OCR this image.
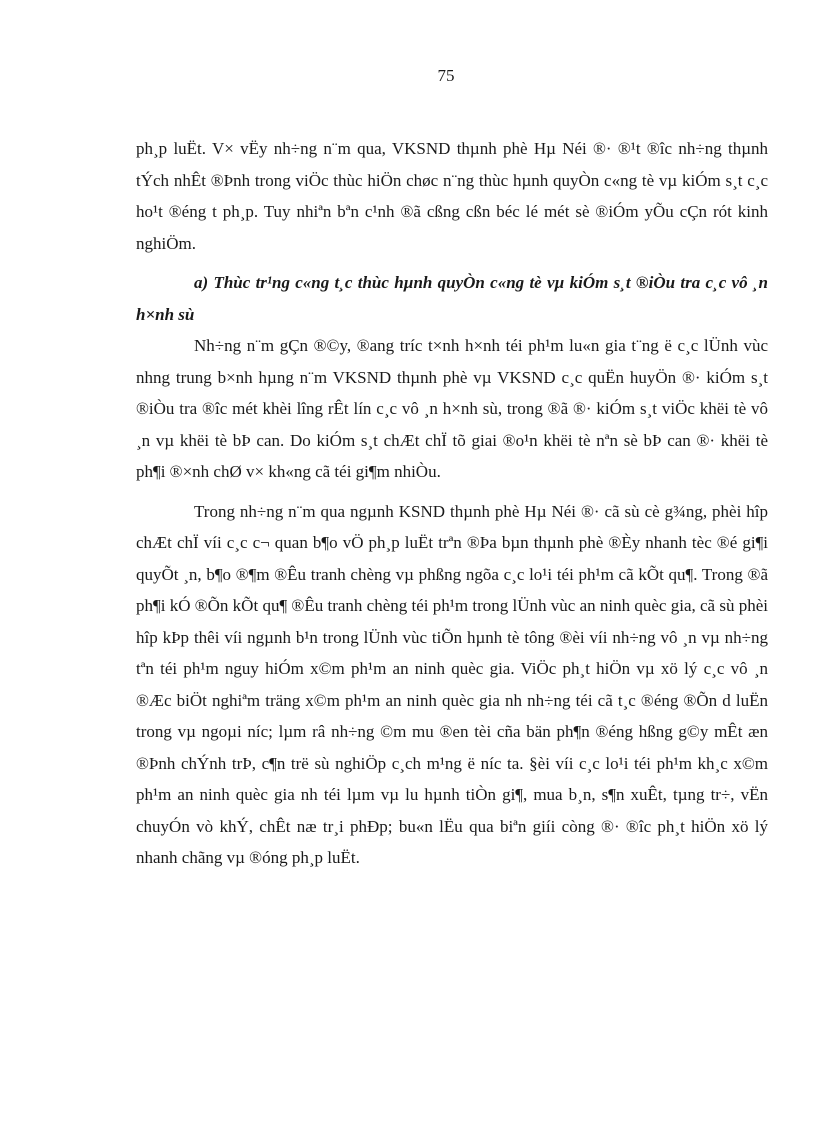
75

ph¸p luËt. V× vËy nh÷ng n¨m qua, VKSND thµnh phè Hµ Néi ®· ®¹t ®îc nh÷ng thµnh tÝch nhÊt ®Þnh trong viÖc thùc hiÖn chøc n¨ng thùc hµnh quyÒn c«ng tè vµ kiÓm s¸t c¸c ho¹t ®éng t ph¸p. Tuy nhiªn bªn c¹nh ®ã cßng cßn béc lé mét sè ®iÓm yÕu cÇn rót kinh nghiÖm.

a) Thùc tr¹ng c«ng t¸c thùc hµnh quyÒn c«ng tè vµ kiÓm s¸t ®iÒu tra c¸c vô ¸n h×nh sù

Nh÷ng n¨m gÇn ®©y, ®ang tríc t×nh h×nh téi ph¹m lu«n gia t¨ng ë c¸c lÜnh vùc nhng trung b×nh hµng n¨m VKSND thµnh phè vµ VKSND c¸c quËn huyÖn ®· kiÓm s¸t ®iÒu tra ®îc mét khèi lîng rÊt lín c¸c vô ¸n h×nh sù, trong ®ã ®· kiÓm s¸t viÖc khëi tè vô ¸n vµ khëi tè bÞ can. Do kiÓm s¸t chÆt chÏ tõ giai ®o¹n khëi tè nªn sè bÞ can ®· khëi tè ph¶i ®×nh chØ v× kh«ng cã téi gi¶m nhiÒu.

Trong nh÷ng n¨m qua ngµnh KSND thµnh phè Hµ Néi ®· cã sù cè g¾ng, phèi hîp chÆt chÏ víi c¸c c¬ quan b¶o vÖ ph¸p luËt trªn ®Þa bµn thµnh phè ®Èy nhanh tèc ®é gi¶i quyÕt ¸n, b¶o ®¶m ®Êu tranh chèng vµ phßng ngõa c¸c lo¹i téi ph¹m cã kÕt qu¶. Trong ®ã ph¶i kÓ ®Õn kÕt qu¶ ®Êu tranh chèng téi ph¹m trong lÜnh vùc an ninh quèc gia, cã sù phèi hîp kÞp thêi víi ngµnh b¹n trong lÜnh vùc tiÕn hµnh tè tông ®èi víi nh÷ng vô ¸n vµ nh÷ng tªn téi ph¹m nguy hiÓm x©m ph¹m an ninh quèc gia. ViÖc ph¸t hiÖn vµ xö lý c¸c vô ¸n ®Æc biÖt nghiªm träng x©m ph¹m an ninh quèc gia nh nh÷ng téi cã t¸c ®éng ®Õn d luËn trong vµ ngoµi níc; lµm râ nh÷ng ©m mu ®en tèi cña bän ph¶n ®éng hßng g©y mÊt æn ®Þnh chÝnh trÞ, c¶n trë sù nghiÖp c¸ch m¹ng ë níc ta. §èi víi c¸c lo¹i téi ph¹m kh¸c x©m ph¹m an ninh quèc gia nh téi lµm vµ lu hµnh tiÒn gi¶, mua b¸n, s¶n xuÊt, tµng tr÷, vËn chuyÓn vò khÝ, chÊt næ tr¸i phÐp; bu«n lËu qua biªn giíi còng ®· ®îc ph¸t hiÖn xö lý nhanh chãng vµ ®óng ph¸p luËt.
